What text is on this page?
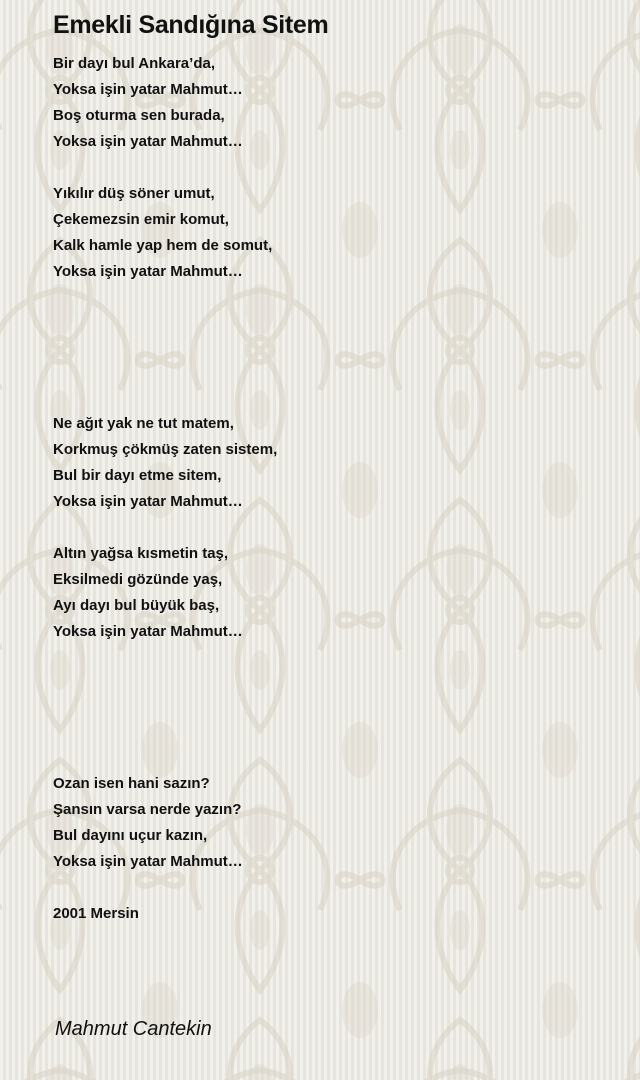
Emekli Sandığına Sitem
Bir dayı bul Ankara’da,
Yoksa işin yatar Mahmut…
Boş oturma sen burada,
Yoksa işin yatar Mahmut…
Yıkılır düş söner umut,
Çekemezsin emir komut,
Kalk hamle yap hem de somut,
Yoksa işin yatar Mahmut…
Ne ağıt yak ne tut matem,
Korkmuş çökmüş zaten sistem,
Bul bir dayı etme sitem,
Yoksa işin yatar Mahmut…
Altın yağsa kısmetin taş,
Eksilmedi gözünde yaş,
Ayı dayı bul büyük baş,
Yoksa işin yatar Mahmut…
Ozan isen hani sazın?
Şansın varsa nerde yazın?
Bul dayını uçur kazın,
Yoksa işin yatar Mahmut…
2001 Mersin
Mahmut Cantekin
